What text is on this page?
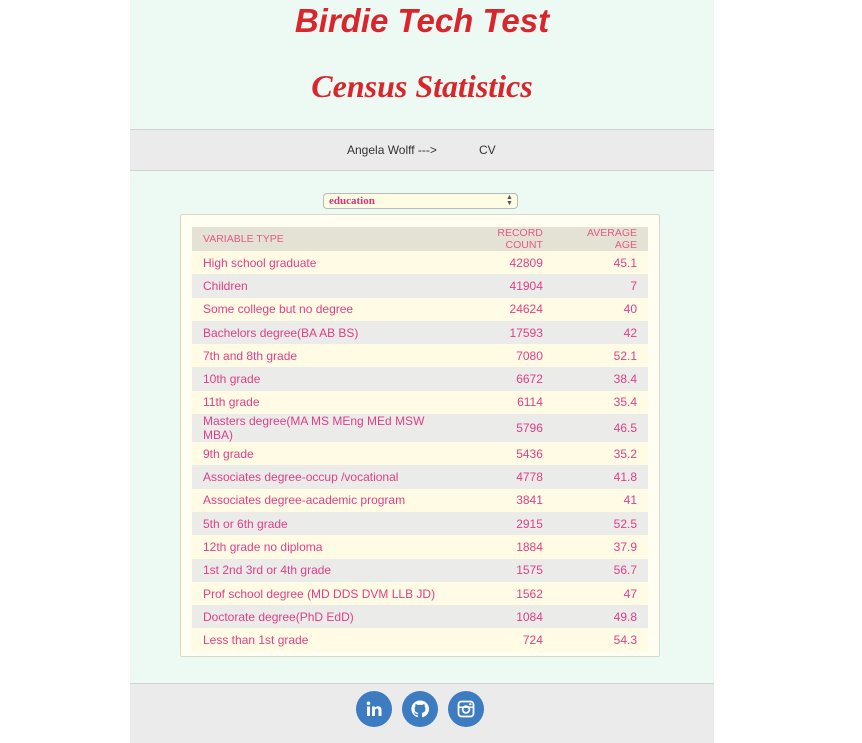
Birdie Tech Test
Census Statistics
Angela Wolff --->	CV
education	▲
▼
VARIABLE TYPE	RECORD COUNT	AVERAGE AGE
High school graduate	42809	45.1
Children	41904	7
Some college but no degree	24624	40
Bachelors degree(BA AB BS)	17593	42
7th and 8th grade	7080	52.1
10th grade	6672	38.4
11th grade	6114	35.4
Masters degree(MA MS MEng MEd MSW MBA)	5796	46.5
9th grade	5436	35.2
Associates degree-occup /vocational	4778	41.8
Associates degree-academic program	3841	41
5th or 6th grade	2915	52.5
12th grade no diploma	1884	37.9
1st 2nd 3rd or 4th grade	1575	56.7
Prof school degree (MD DDS DVM LLB JD)	1562	47
Doctorate degree(PhD EdD)	1084	49.8
Less than 1st grade	724	54.3
